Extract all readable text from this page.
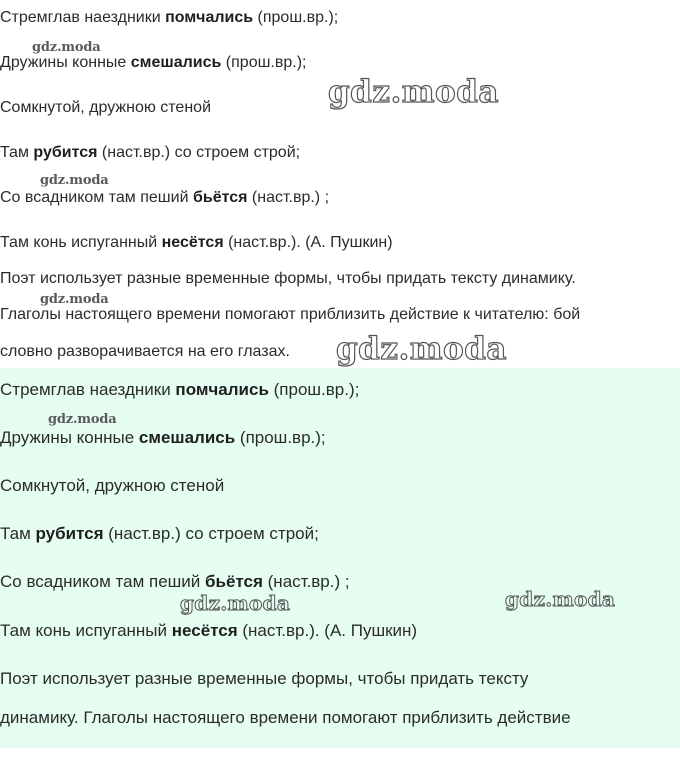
Стремглав наездники помчались (прош.вр.);
Дружины конные смешались (прош.вр.);
Сомкнутой, дружною стеной
Там рубится (наст.вр.) со строем строй;
Со всадником там пеший бьётся (наст.вр.) ;
Там конь испуганный несётся (наст.вр.). (А. Пушкин)
Поэт использует разные временные формы, чтобы придать тексту динамику.
Глаголы настоящего времени помогают приблизить действие к читателю: бой
словно разворачивается на его глазах.
Стремглав наездники помчались (прош.вр.);
Дружины конные смешались (прош.вр.);
Сомкнутой, дружною стеной
Там рубится (наст.вр.) со строем строй;
Со всадником там пеший бьётся (наст.вр.) ;
Там конь испуганный несётся (наст.вр.). (А. Пушкин)
Поэт использует разные временные формы, чтобы придать тексту
динамику. Глаголы настоящего времени помогают приблизить действие
gdz.moda
gdz.moda
gdz.moda
gdz.moda
gdz.moda
gdz.moda
gdz.moda	gdz.moda
